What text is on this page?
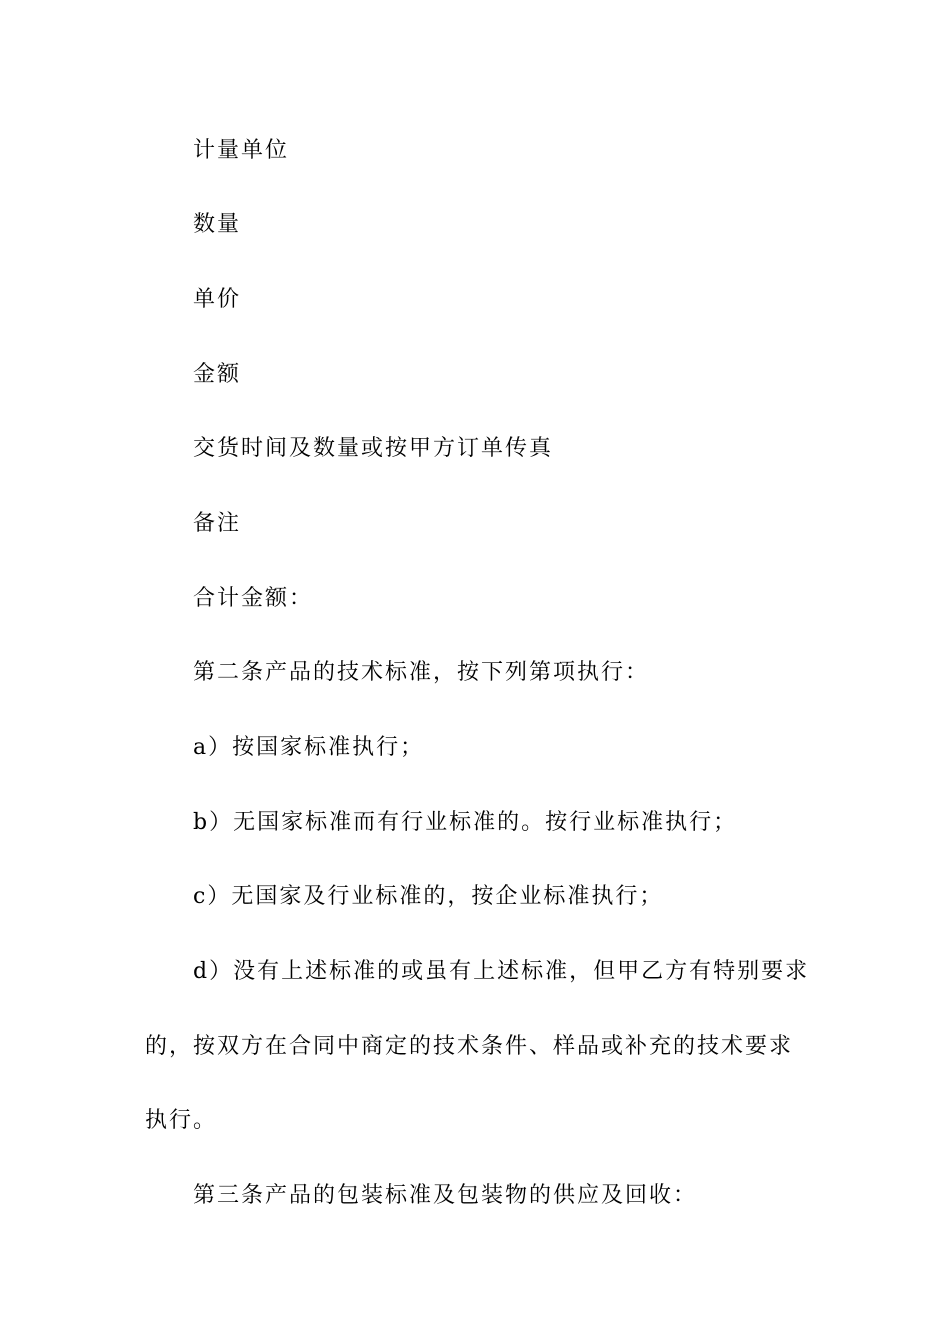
计量单位
数量
单价
金额
交货时间及数量或按甲方订单传真
备注
合计金额：
第二条产品的技术标准，按下列第项执行：
a）按国家标准执行；
b）无国家标准而有行业标准的。按行业标准执行；
c）无国家及行业标准的，按企业标准执行；
d）没有上述标准的或虽有上述标准，但甲乙方有特别要求
的，按双方在合同中商定的技术条件、样品或补充的技术要求
执行。
第三条产品的包装标准及包装物的供应及回收：
